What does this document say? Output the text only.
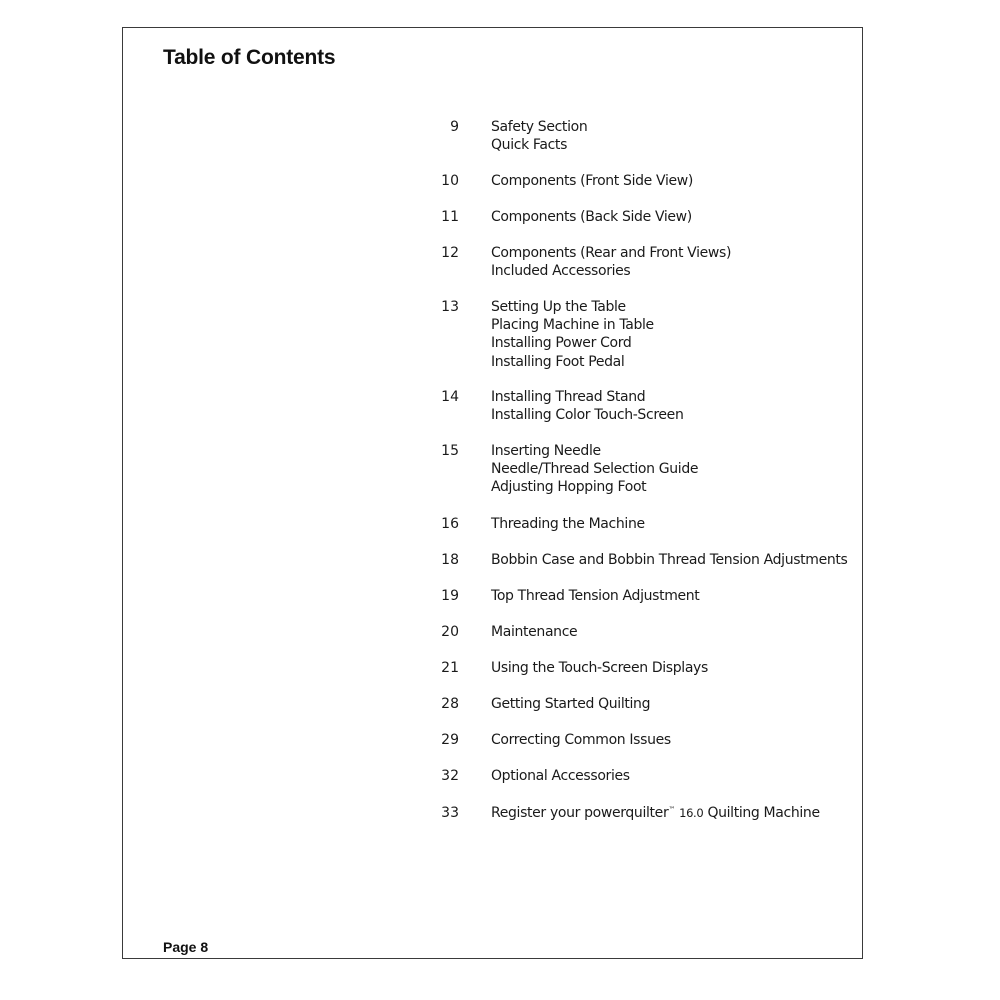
Table of Contents
9 Safety Section
Quick Facts
10 Components (Front Side View)
11 Components (Back Side View)
12 Components (Rear and Front Views)
Included Accessories
13 Setting Up the Table
Placing Machine in Table
Installing Power Cord
Installing Foot Pedal
14 Installing Thread Stand
Installing Color Touch-Screen
15 Inserting Needle
Needle/Thread Selection Guide
Adjusting Hopping Foot
16 Threading the Machine
18 Bobbin Case and Bobbin Thread Tension Adjustments
19 Top Thread Tension Adjustment
20 Maintenance
21 Using the Touch-Screen Displays
28 Getting Started Quilting
29 Correcting Common Issues
32 Optional Accessories
33 Register your powerquilter™ 16.0 Quilting Machine
Page 8
